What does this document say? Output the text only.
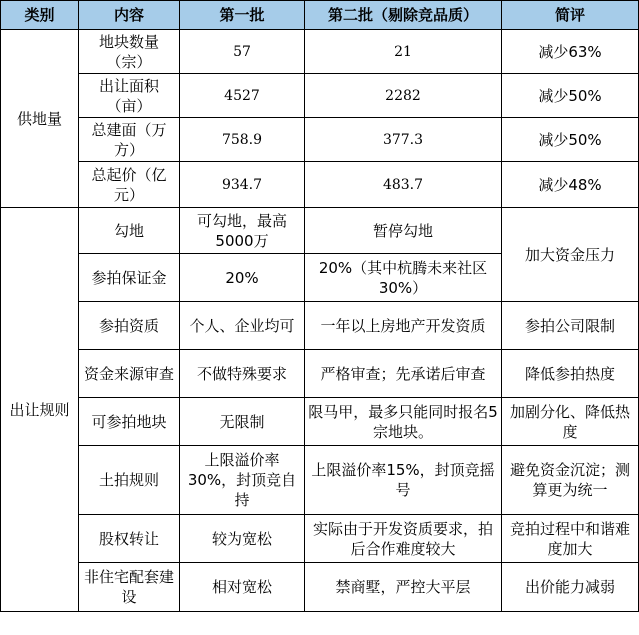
类别	内容	第一批	第二批（剔除竞品质）	简评
供地量	地块数量（宗）	57	21	减少63%
	出让面积（亩）	4527	2282	减少50%
	总建面（万方）	758.9	377.3	减少50%
	总起价（亿元）	934.7	483.7	减少48%
出让规则	勾地	可勾地，最高5000万	暂停勾地	加大资金压力
	参拍保证金	20%	20%（其中杭腾未来社区30%）	
	参拍资质	个人、企业均可	一年以上房地产开发资质	参拍公司限制
	资金来源审查	不做特殊要求	严格审查；先承诺后审查	降低参拍热度
	可参拍地块	无限制	限马甲，最多只能同时报名5宗地块。	加剧分化、降低热度
	土拍规则	上限溢价率30%，封顶竞自持	上限溢价率15%，封顶竞摇号	避免资金沉淀；测算更为统一
	股权转让	较为宽松	实际由于开发资质要求，拍后合作难度较大	竞拍过程中和谐难度加大
	非住宅配套建设	相对宽松	禁商墅，严控大平层	出价能力减弱
